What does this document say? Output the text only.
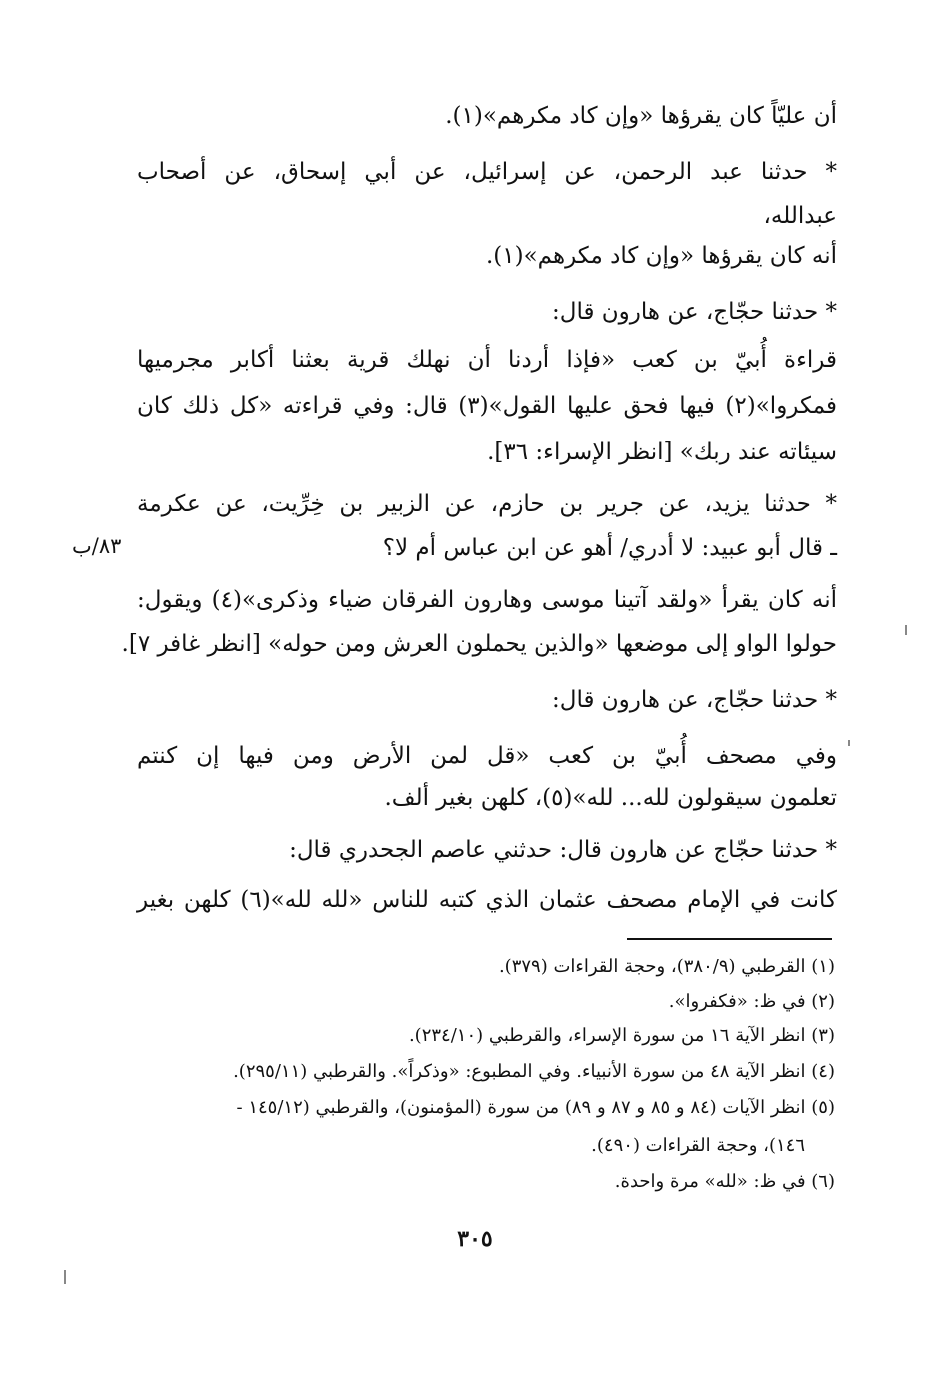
أن عليّاً كان يقرؤها «وإن كاد مكرهم»(١).
* حدثنا عبد الرحمن، عن إسرائيل، عن أبي إسحاق، عن أصحاب
عبدالله،
أنه كان يقرؤها «وإن كاد مكرهم»(١).
* حدثنا حجّاج، عن هارون قال:
قراءة أُبيّ بن كعب «فإذا أردنا أن نهلك قرية بعثنا أكابر مجرميها
فمكروا»(٢) فيها فحق عليها القول»(٣) قال: وفي قراءته «كل ذلك كان
سيئاته عند ربك» [انظر الإسراء: ٣٦].
* حدثنا يزيد، عن جرير بن حازم، عن الزبير بن خِرِّيت، عن عكرمة
ـ قال أبو عبيد: لا أدري/ أهو عن ابن عباس أم لا؟
٨٣/ب
أنه كان يقرأ «ولقد آتينا موسى وهارون الفرقان ضياء وذكرى»(٤) ويقول:
حولوا الواو إلى موضعها «والذين يحملون العرش ومن حوله» [انظر غافر ٧].
* حدثنا حجّاج، عن هارون قال:
وفي مصحف أُبيّ بن كعب «قل لمن الأرض ومن فيها إن كنتم
تعلمون سيقولون لله... لله»(٥)، كلهن بغير ألف.
* حدثنا حجّاج عن هارون قال: حدثني عاصم الجحدري قال:
كانت في الإمام مصحف عثمان الذي كتبه للناس «لله لله»(٦) كلهن بغير
(١) القرطبي (٣٨٠/٩)، وحجة القراءات (٣٧٩).
(٢) في ظ: «فكفروا».
(٣) انظر الآية ١٦ من سورة الإسراء، والقرطبي (٢٣٤/١٠).
(٤) انظر الآية ٤٨ من سورة الأنبياء. وفي المطبوع: «وذكراً». والقرطبي (٢٩٥/١١).
(٥) انظر الآيات (٨٤ و ٨٥ و ٨٧ و ٨٩) من سورة (المؤمنون)، والقرطبي (١٤٥/١٢ -
١٤٦)، وحجة القراءات (٤٩٠).
(٦) في ظ: «لله» مرة واحدة.
٣٠٥
